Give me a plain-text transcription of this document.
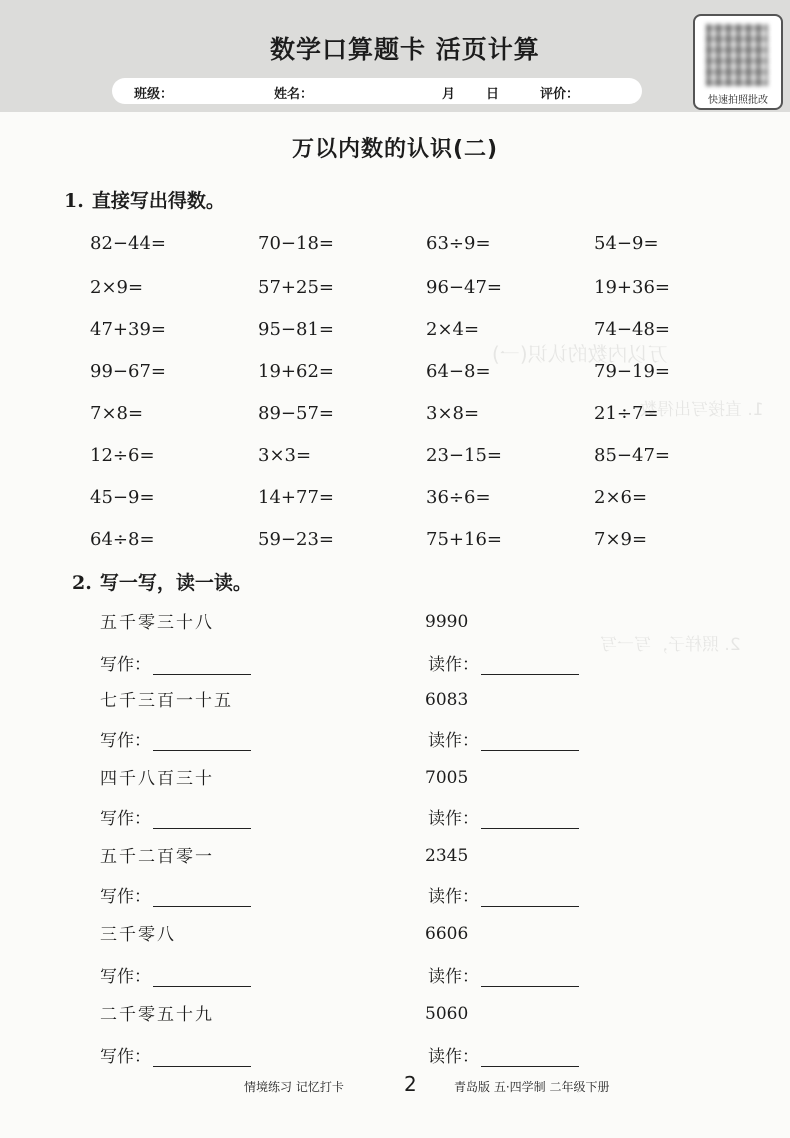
数学口算题卡 活页计算
班级：	姓名：	月 日	评价：	快速拍照批改
万以内数的认识(一)
1. 直接写出得数
2. 照样子，写一写
万以内数的认识(二)
1. 直接写出得数。
82−44=	70−18=	63÷9=	54−9=
2×9=	57+25=	96−47=	19+36=
47+39=	95−81=	2×4=	74−48=
99−67=	19+62=	64−8=	79−19=
7×8=	89−57=	3×8=	21÷7=
12÷6=	3×3=	23−15=	85−47=
45−9=	14+77=	36÷6=	2×6=
64÷8=	59−23=	75+16=	7×9=
2. 写一写，读一读。
五千零三十八	9990
写作：	读作：
七千三百一十五	6083
写作：	读作：
四千八百三十	7005
写作：	读作：
五千二百零一	2345
写作：	读作：
三千零八	6606
写作：	读作：
二千零五十九	5060
写作：	读作：
情境练习 记忆打卡	2	青岛版 五·四学制 二年级下册
